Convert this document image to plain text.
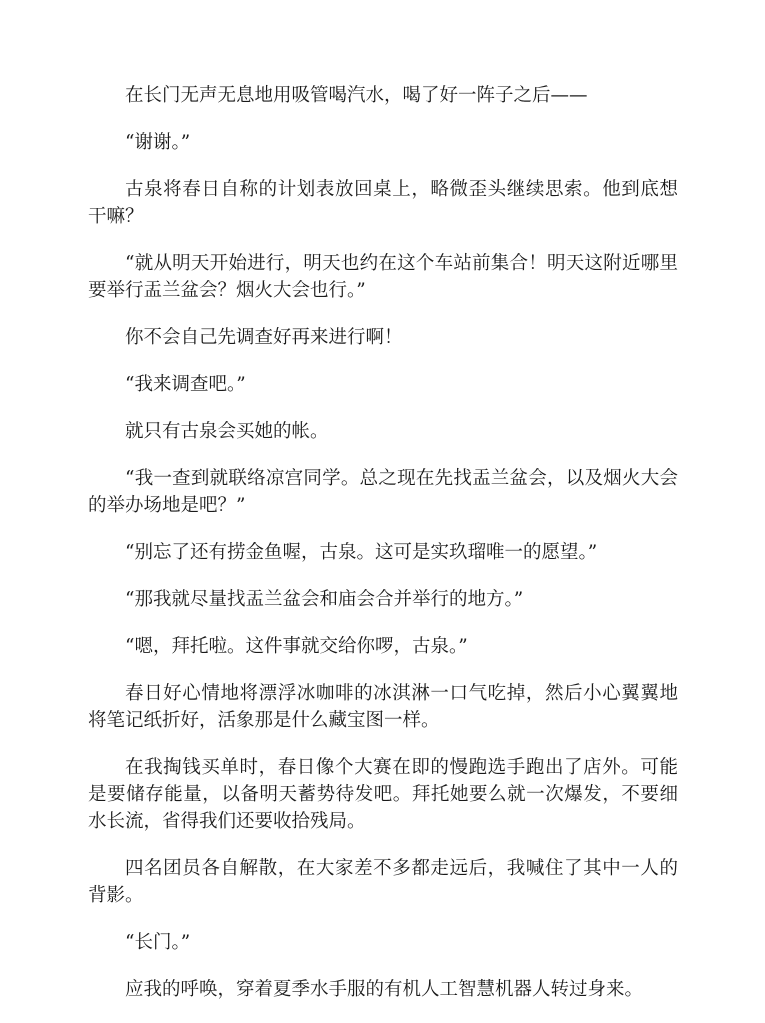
在长门无声无息地用吸管喝汽水，喝了好一阵子之后——

“谢谢。”

古泉将春日自称的计划表放回桌上，略微歪头继续思索。他到底想干嘛？

“就从明天开始进行，明天也约在这个车站前集合！明天这附近哪里要举行盂兰盆会？烟火大会也行。”

你不会自己先调查好再来进行啊！

“我来调查吧。”

就只有古泉会买她的帐。

“我一查到就联络凉宫同学。总之现在先找盂兰盆会，以及烟火大会的举办场地是吧？”

“别忘了还有捞金鱼喔，古泉。这可是实玖瑠唯一的愿望。”

“那我就尽量找盂兰盆会和庙会合并举行的地方。”

“嗯，拜托啦。这件事就交给你啰，古泉。”

春日好心情地将漂浮冰咖啡的冰淇淋一口气吃掉，然后小心翼翼地将笔记纸折好，活象那是什么藏宝图一样。

在我掏钱买单时，春日像个大赛在即的慢跑选手跑出了店外。可能是要储存能量，以备明天蓄势待发吧。拜托她要么就一次爆发，不要细水长流，省得我们还要收拾残局。

四名团员各自解散，在大家差不多都走远后，我喊住了其中一人的背影。

“长门。”

应我的呼唤，穿着夏季水手服的有机人工智慧机器人转过身来。
